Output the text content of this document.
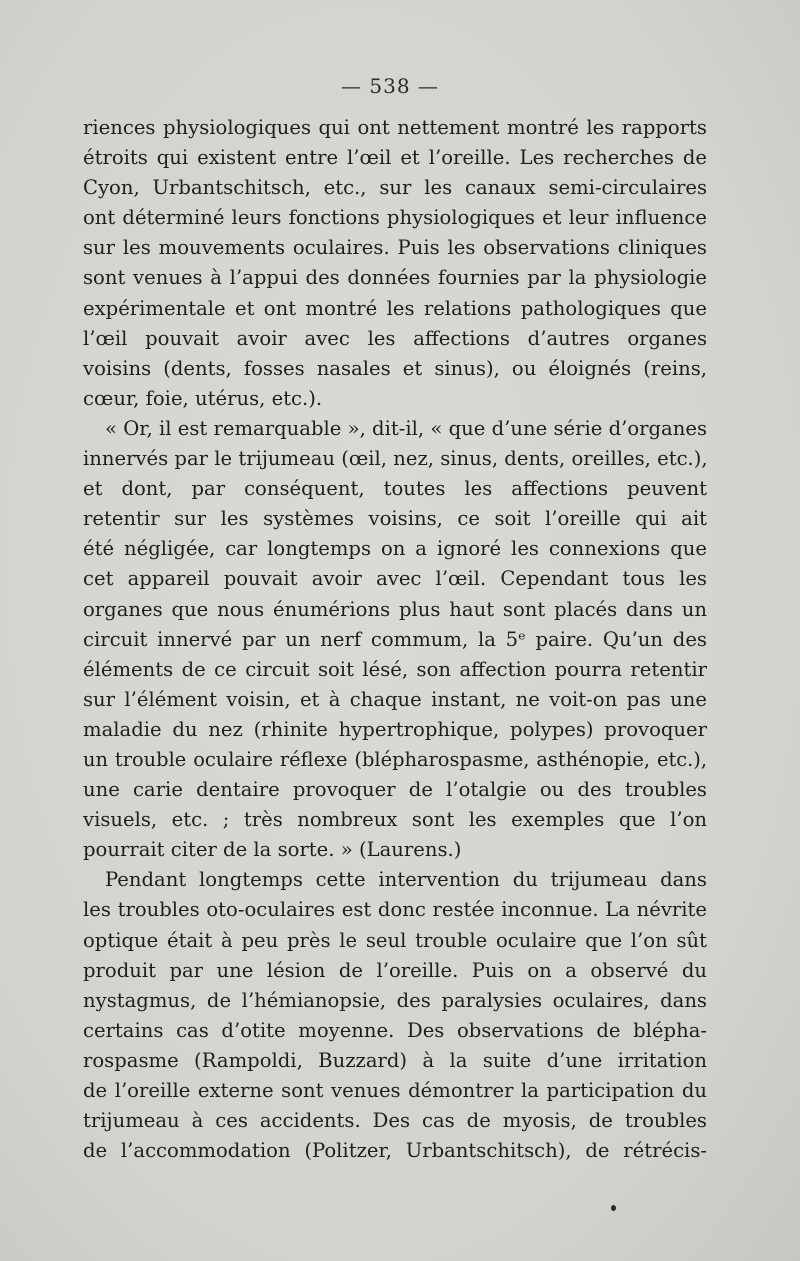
— 538 —
riences physiologiques qui ont nettement montré les rapports
étroits qui existent entre l’œil et l’oreille. Les recherches de
Cyon, Urbantschitsch, etc., sur les canaux semi-circulaires
ont déterminé leurs fonctions physiologiques et leur influence
sur les mouvements oculaires. Puis les observations cliniques
sont venues à l’appui des données fournies par la physiologie
expérimentale et ont montré les relations pathologiques que
l’œil pouvait avoir avec les affections d’autres organes
voisins (dents, fosses nasales et sinus), ou éloignés (reins,
cœur, foie, utérus, etc.).
« Or, il est remarquable », dit-il, « que d’une série d’organes
innervés par le trijumeau (œil, nez, sinus, dents, oreilles, etc.),
et dont, par conséquent, toutes les affections peuvent
retentir sur les systèmes voisins, ce soit l’oreille qui ait
été négligée, car longtemps on a ignoré les connexions que
cet appareil pouvait avoir avec l’œil. Cependant tous les
organes que nous énumérions plus haut sont placés dans un
circuit innervé par un nerf commum, la 5ᵉ paire. Qu’un des
éléments de ce circuit soit lésé, son affection pourra retentir
sur l’élément voisin, et à chaque instant, ne voit-on pas une
maladie du nez (rhinite hypertrophique, polypes) provoquer
un trouble oculaire réflexe (blépharospasme, asthénopie, etc.),
une carie dentaire provoquer de l’otalgie ou des troubles
visuels, etc. ; très nombreux sont les exemples que l’on
pourrait citer de la sorte. » (Laurens.)
Pendant longtemps cette intervention du trijumeau dans
les troubles oto-oculaires est donc restée inconnue. La névrite
optique était à peu près le seul trouble oculaire que l’on sût
produit par une lésion de l’oreille. Puis on a observé du
nystagmus, de l’hémianopsie, des paralysies oculaires, dans
certains cas d’otite moyenne. Des observations de blépha-
rospasme (Rampoldi, Buzzard) à la suite d’une irritation
de l’oreille externe sont venues démontrer la participation du
trijumeau à ces accidents. Des cas de myosis, de troubles
de l’accommodation (Politzer, Urbantschitsch), de rétrécis-
